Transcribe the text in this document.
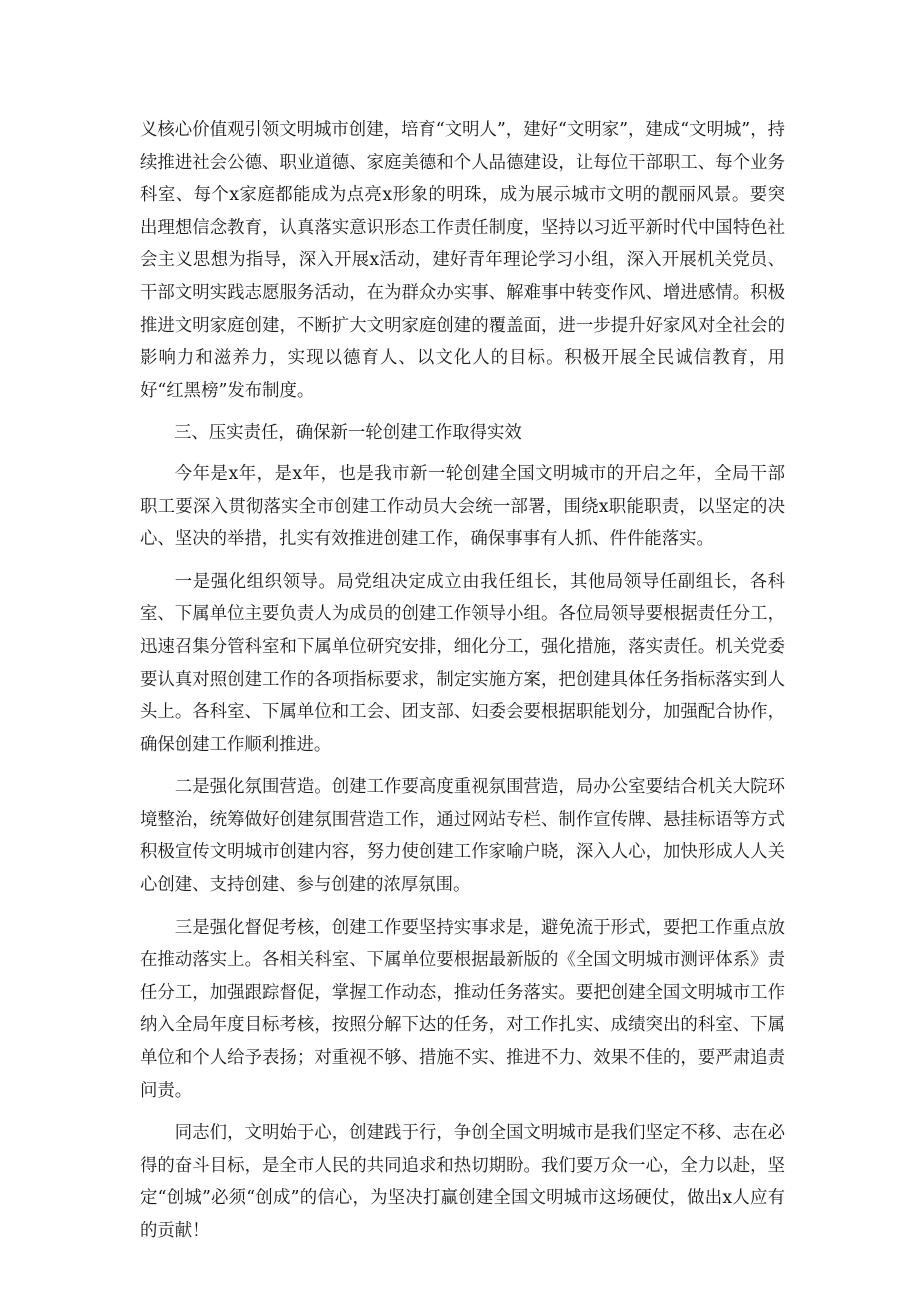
义核心价值观引领文明城市创建，培育“文明人”，建好“文明家”，建成“文明城”，持续推进社会公德、职业道德、家庭美德和个人品德建设，让每位干部职工、每个业务科室、每个x家庭都能成为点亮x形象的明珠，成为展示城市文明的靓丽风景。要突出理想信念教育，认真落实意识形态工作责任制度，坚持以习近平新时代中国特色社会主义思想为指导，深入开展x活动，建好青年理论学习小组，深入开展机关党员、干部文明实践志愿服务活动，在为群众办实事、解难事中转变作风、增进感情。积极推进文明家庭创建，不断扩大文明家庭创建的覆盖面，进一步提升好家风对全社会的影响力和滋养力，实现以德育人、以文化人的目标。积极开展全民诚信教育，用好“红黑榜”发布制度。

三、压实责任，确保新一轮创建工作取得实效

今年是x年，是x年，也是我市新一轮创建全国文明城市的开启之年，全局干部职工要深入贯彻落实全市创建工作动员大会统一部署，围绕x职能职责，以坚定的决心、坚决的举措，扎实有效推进创建工作，确保事事有人抓、件件能落实。

一是强化组织领导。局党组决定成立由我任组长，其他局领导任副组长，各科室、下属单位主要负责人为成员的创建工作领导小组。各位局领导要根据责任分工，迅速召集分管科室和下属单位研究安排，细化分工，强化措施，落实责任。机关党委要认真对照创建工作的各项指标要求，制定实施方案，把创建具体任务指标落实到人头上。各科室、下属单位和工会、团支部、妇委会要根据职能划分，加强配合协作，确保创建工作顺利推进。

二是强化氛围营造。创建工作要高度重视氛围营造，局办公室要结合机关大院环境整治，统筹做好创建氛围营造工作，通过网站专栏、制作宣传牌、悬挂标语等方式积极宣传文明城市创建内容，努力使创建工作家喻户晓，深入人心，加快形成人人关心创建、支持创建、参与创建的浓厚氛围。

三是强化督促考核，创建工作要坚持实事求是，避免流于形式，要把工作重点放在推动落实上。各相关科室、下属单位要根据最新版的《全国文明城市测评体系》责任分工，加强跟踪督促，掌握工作动态，推动任务落实。要把创建全国文明城市工作纳入全局年度目标考核，按照分解下达的任务，对工作扎实、成绩突出的科室、下属单位和个人给予表扬；对重视不够、措施不实、推进不力、效果不佳的，要严肃追责问责。

同志们，文明始于心，创建践于行，争创全国文明城市是我们坚定不移、志在必得的奋斗目标，是全市人民的共同追求和热切期盼。我们要万众一心，全力以赴，坚定“创城”必须“创成”的信心，为坚决打赢创建全国文明城市这场硬仗，做出x人应有的贡献！
